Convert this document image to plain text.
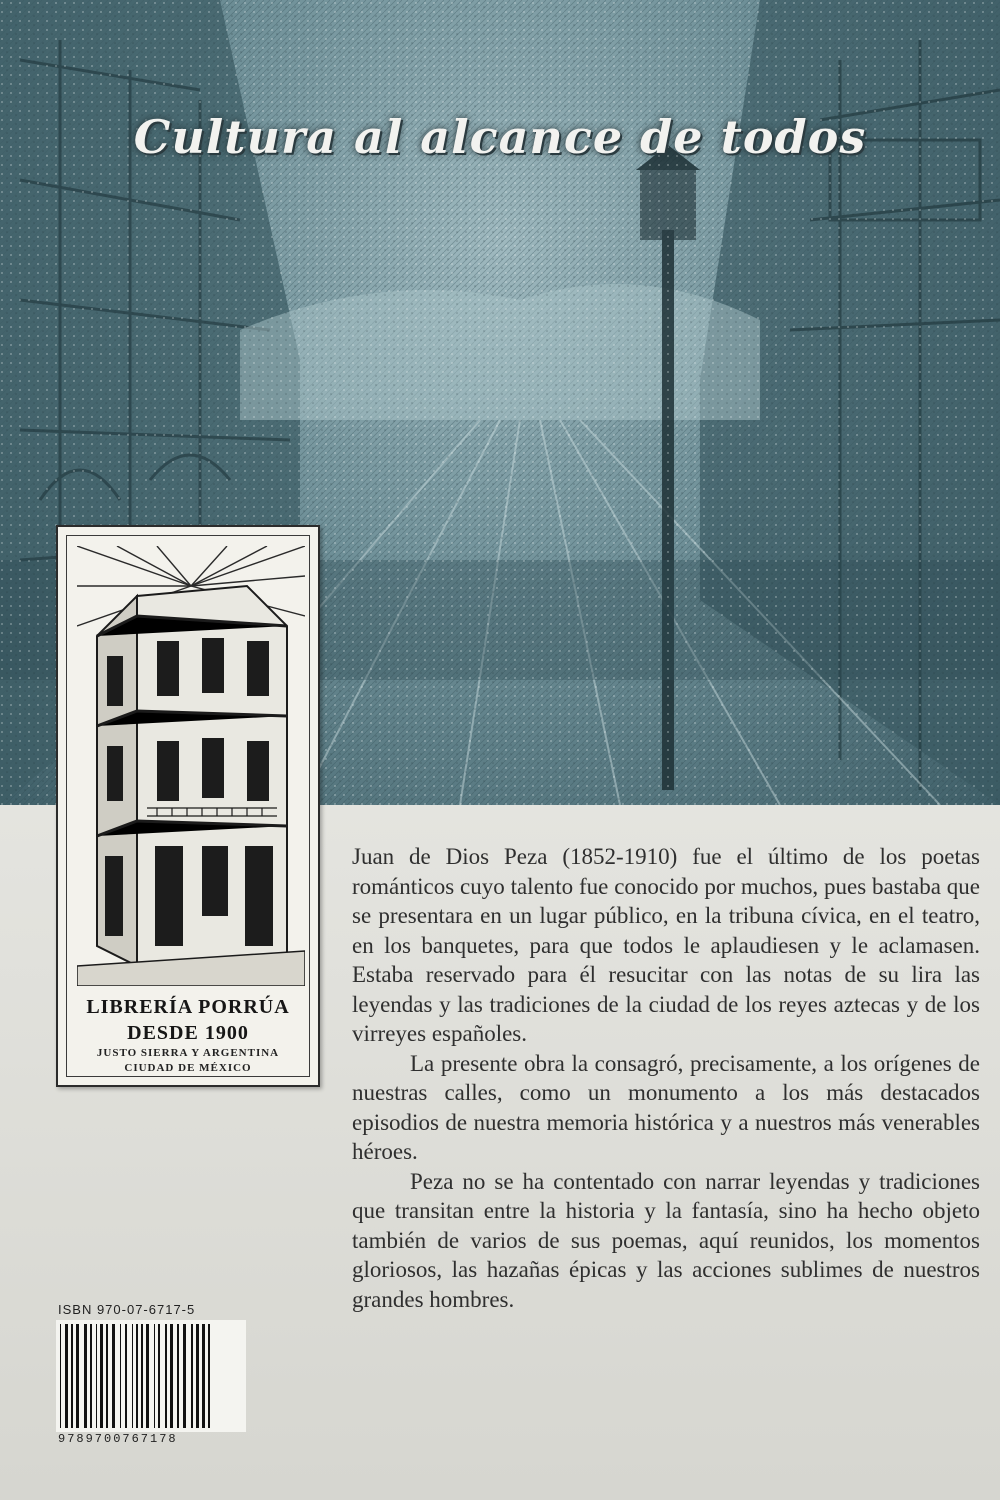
Cultura al alcance de todos
LIBRERÍA PORRÚA
DESDE 1900
JUSTO SIERRA Y ARGENTINA
CIUDAD DE MÉXICO

Juan de Dios Peza (1852-1910) fue el último de los poetas románticos cuyo talento fue conocido por muchos, pues bastaba que se presentara en un lugar público, en la tribuna cívica, en el teatro, en los banquetes, para que todos le aplaudiesen y le aclamasen. Estaba reservado para él resucitar con las notas de su lira las leyendas y las tradiciones de la ciudad de los reyes aztecas y de los virreyes españoles.

La presente obra la consagró, precisamente, a los orígenes de nuestras calles, como un monumento a los más destacados episodios de nuestra memoria histórica y a nuestros más venerables héroes.

Peza no se ha contentado con narrar leyendas y tradiciones que transitan entre la historia y la fantasía, sino ha hecho objeto también de varios de sus poemas, aquí reunidos, los momentos gloriosos, las hazañas épicas y las acciones sublimes de nuestros grandes hombres.

ISBN 970-07-6717-5
9789700767178
